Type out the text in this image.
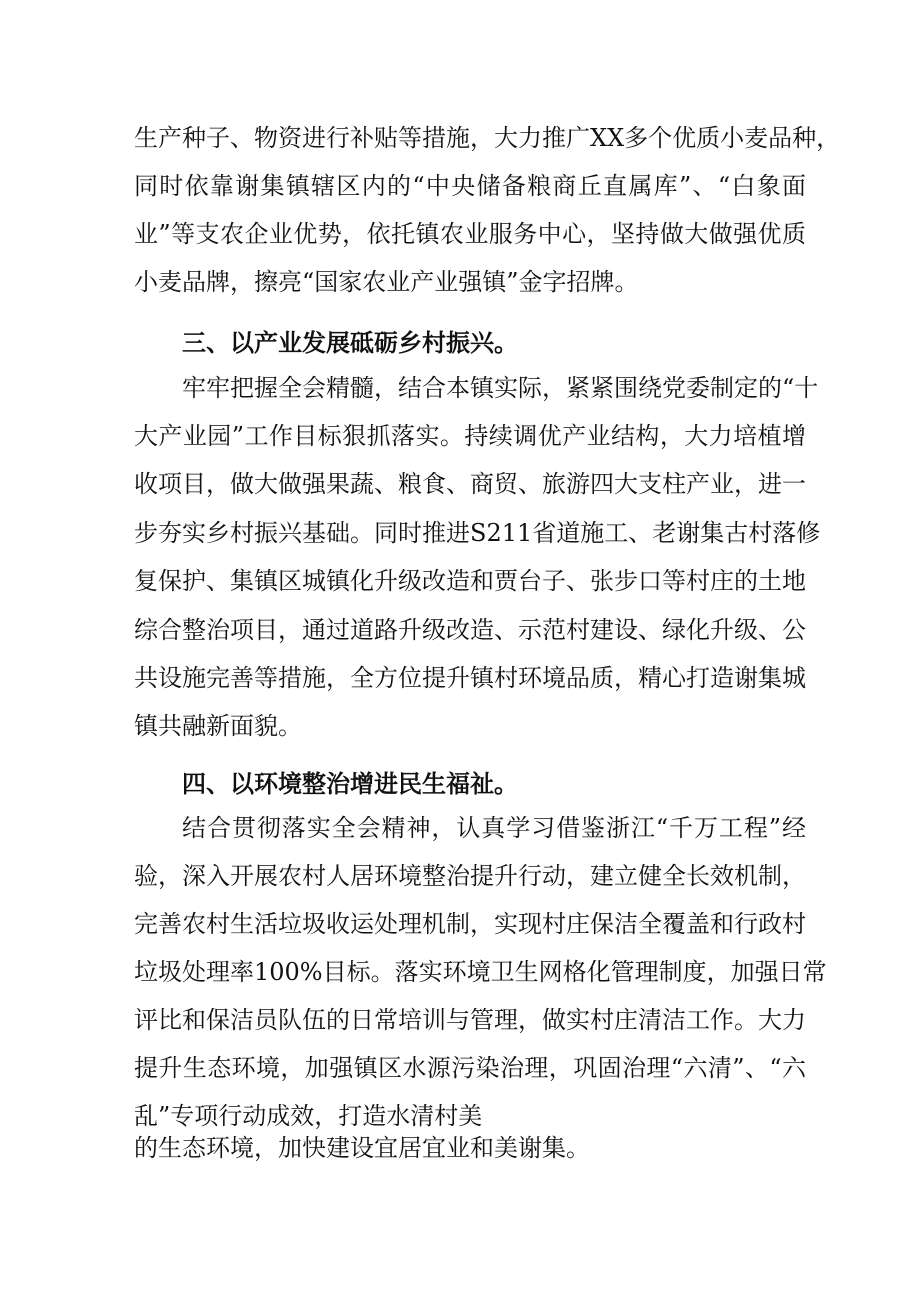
生产种子、物资进行补贴等措施，大力推广XX多个优质小麦品种，
同时依靠谢集镇辖区内的“中央储备粮商丘直属库”、“白象面
业”等支农企业优势，依托镇农业服务中心，坚持做大做强优质
小麦品牌，擦亮“国家农业产业强镇”金字招牌。
三、以产业发展砥砺乡村振兴。
牢牢把握全会精髓，结合本镇实际，紧紧围绕党委制定的“十
大产业园”工作目标狠抓落实。持续调优产业结构，大力培植增
收项目，做大做强果蔬、粮食、商贸、旅游四大支柱产业，进一
步夯实乡村振兴基础。同时推进S211省道施工、老谢集古村落修
复保护、集镇区城镇化升级改造和贾台子、张步口等村庄的土地
综合整治项目，通过道路升级改造、示范村建设、绿化升级、公
共设施完善等措施，全方位提升镇村环境品质，精心打造谢集城
镇共融新面貌。
四、以环境整治增进民生福祉。
结合贯彻落实全会精神，认真学习借鉴浙江“千万工程”经
验，深入开展农村人居环境整治提升行动，建立健全长效机制，
完善农村生活垃圾收运处理机制，实现村庄保洁全覆盖和行政村
垃圾处理率100%目标。落实环境卫生网格化管理制度，加强日常
评比和保洁员队伍的日常培训与管理，做实村庄清洁工作。大力
提升生态环境，加强镇区水源污染治理，巩固治理“六清”、“六
乱”专项行动成效，打造水清村美
的生态环境，加快建设宜居宜业和美谢集。
